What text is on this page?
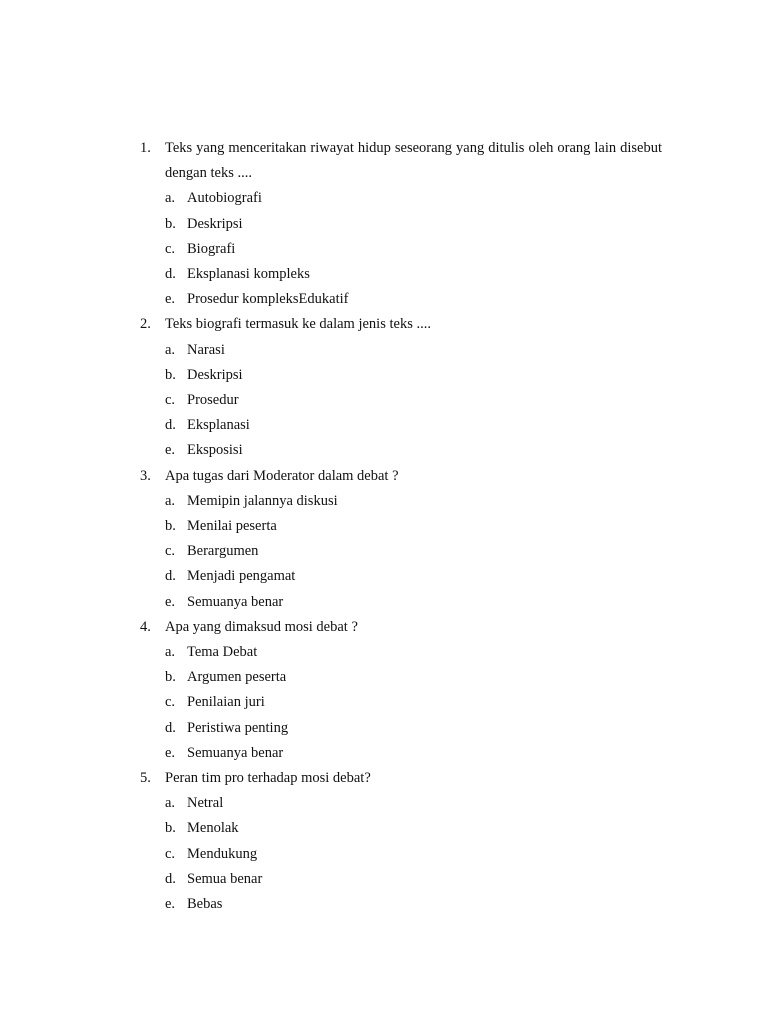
1. Teks yang menceritakan riwayat hidup seseorang yang ditulis oleh orang lain disebut dengan teks ....
a. Autobiografi
b. Deskripsi
c. Biografi
d. Eksplanasi kompleks
e. Prosedur kompleksEdukatif
2. Teks biografi termasuk ke dalam jenis teks ....
a. Narasi
b. Deskripsi
c. Prosedur
d. Eksplanasi
e. Eksposisi
3. Apa tugas dari Moderator dalam debat ?
a. Memipin jalannya diskusi
b. Menilai peserta
c. Berargumen
d. Menjadi pengamat
e. Semuanya benar
4. Apa yang dimaksud mosi debat ?
a. Tema Debat
b. Argumen peserta
c. Penilaian juri
d. Peristiwa penting
e. Semuanya benar
5. Peran tim pro terhadap mosi debat?
a. Netral
b. Menolak
c. Mendukung
d. Semua benar
e. Bebas
